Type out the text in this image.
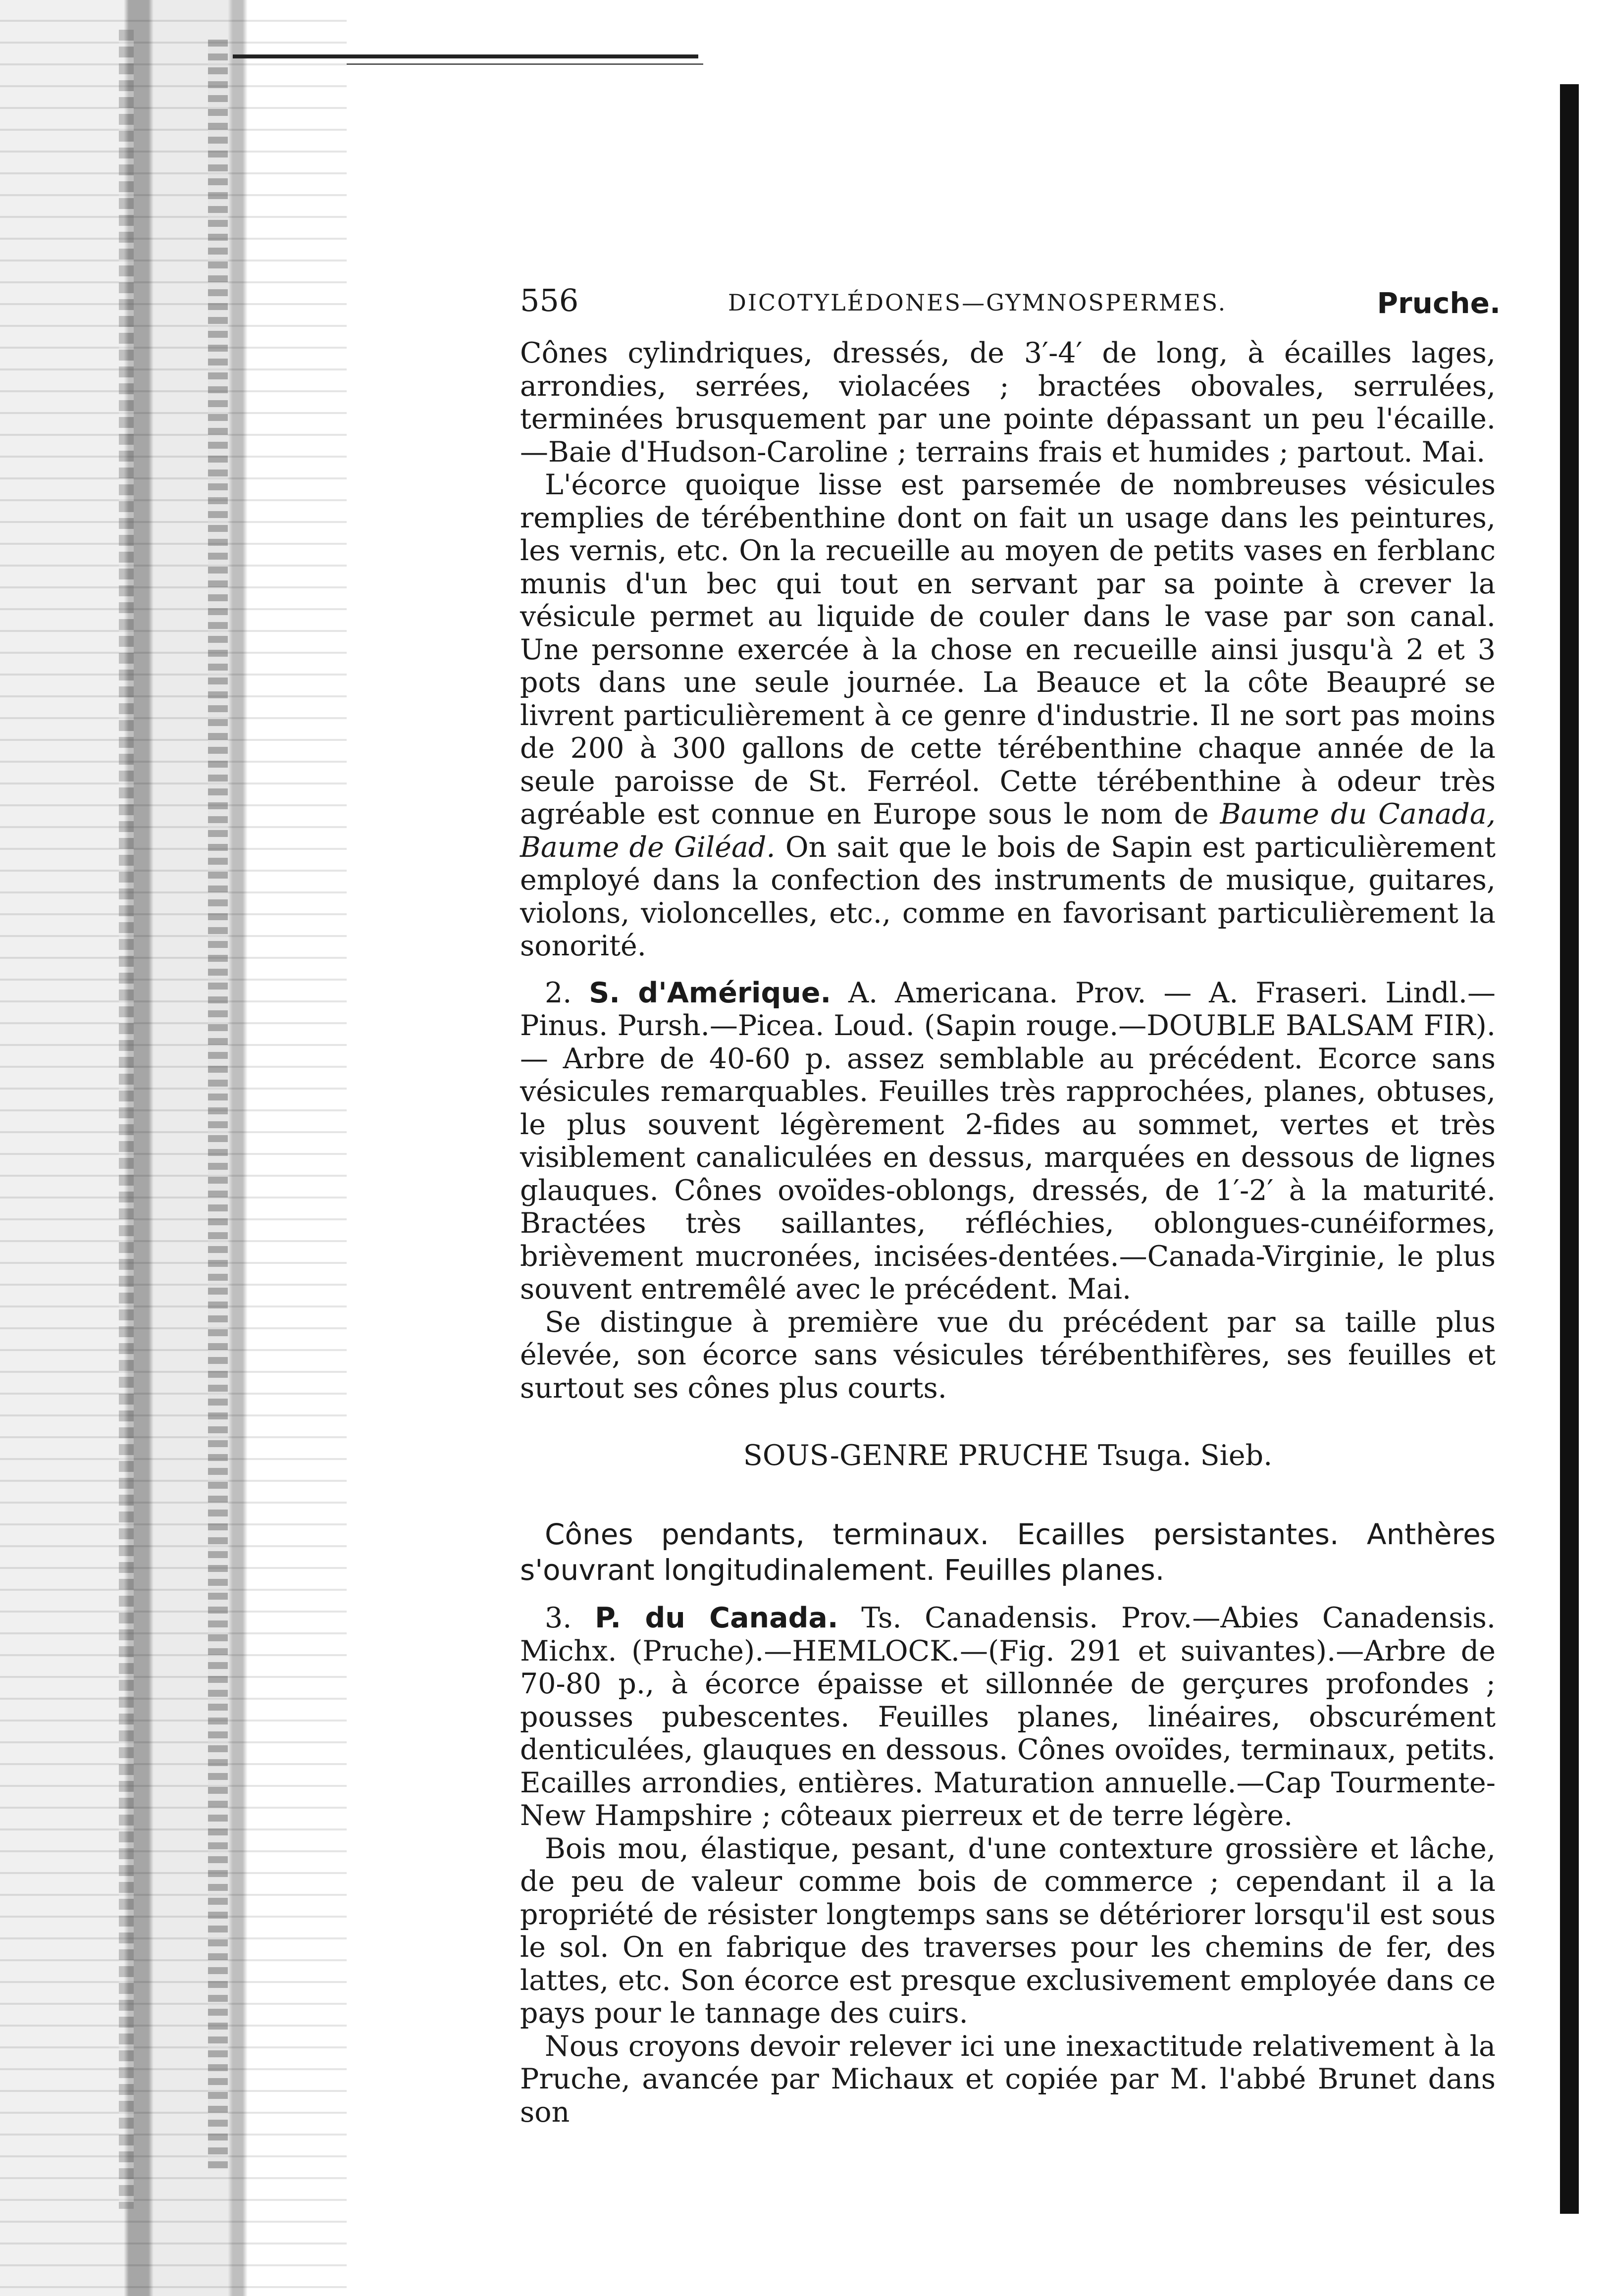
556	DICOTYLÉDONES—GYMNOSPERMES.	Pruche.

Cônes cylindriques, dressés, de 3′-4′ de long, à écailles lages, arrondies, serrées, violacées ; bractées obovales, serrulées, terminées brusquement par une pointe dépassant un peu l'écaille.—Baie d'Hudson-Caroline ; terrains frais et humides ; partout. Mai.

L'écorce quoique lisse est parsemée de nombreuses vésicules remplies de térébenthine dont on fait un usage dans les peintures, les vernis, etc. On la recueille au moyen de petits vases en ferblanc munis d'un bec qui tout en servant par sa pointe à crever la vésicule permet au liquide de couler dans le vase par son canal. Une personne exercée à la chose en recueille ainsi jusqu'à 2 et 3 pots dans une seule journée. La Beauce et la côte Beaupré se livrent particulièrement à ce genre d'industrie. Il ne sort pas moins de 200 à 300 gallons de cette térébenthine chaque année de la seule paroisse de St. Ferréol. Cette térébenthine à odeur très agréable est connue en Europe sous le nom de Baume du Canada, Baume de Giléad. On sait que le bois de Sapin est particulièrement employé dans la confection des instruments de musique, guitares, violons, violoncelles, etc., comme en favorisant particulièrement la sonorité.

2. S. d'Amérique. A. Americana. Prov. — A. Fraseri. Lindl.— Pinus. Pursh.—Picea. Loud. (Sapin rouge.—DOUBLE BALSAM FIR).— Arbre de 40-60 p. assez semblable au précédent. Ecorce sans vésicules remarquables. Feuilles très rapprochées, planes, obtuses, le plus souvent légèrement 2-fides au sommet, vertes et très visiblement canaliculées en dessus, marquées en dessous de lignes glauques. Cônes ovoïdes-oblongs, dressés, de 1′-2′ à la maturité. Bractées très saillantes, réfléchies, oblongues-cunéiformes, brièvement mucronées, incisées-dentées.—Canada-Virginie, le plus souvent entremêlé avec le précédent. Mai.

Se distingue à première vue du précédent par sa taille plus élevée, son écorce sans vésicules térébenthifères, ses feuilles et surtout ses cônes plus courts.

SOUS-GENRE PRUCHE Tsuga. Sieb.
Cônes pendants, terminaux. Ecailles persistantes. Anthères s'ouvrant longitudinalement. Feuilles planes.

3. P. du Canada. Ts. Canadensis. Prov.—Abies Canadensis. Michx. (Pruche).—HEMLOCK.—(Fig. 291 et suivantes).—Arbre de 70-80 p., à écorce épaisse et sillonnée de gerçures profondes ; pousses pubescentes. Feuilles planes, linéaires, obscurément denticulées, glauques en dessous. Cônes ovoïdes, terminaux, petits. Ecailles arrondies, entières. Maturation annuelle.—Cap Tourmente-New Hampshire ; côteaux pierreux et de terre légère.

Bois mou, élastique, pesant, d'une contexture grossière et lâche, de peu de valeur comme bois de commerce ; cependant il a la propriété de résister longtemps sans se détériorer lorsqu'il est sous le sol. On en fabrique des traverses pour les chemins de fer, des lattes, etc. Son écorce est presque exclusivement employée dans ce pays pour le tannage des cuirs.

Nous croyons devoir relever ici une inexactitude relativement à la Pruche, avancée par Michaux et copiée par M. l'abbé Brunet dans son
